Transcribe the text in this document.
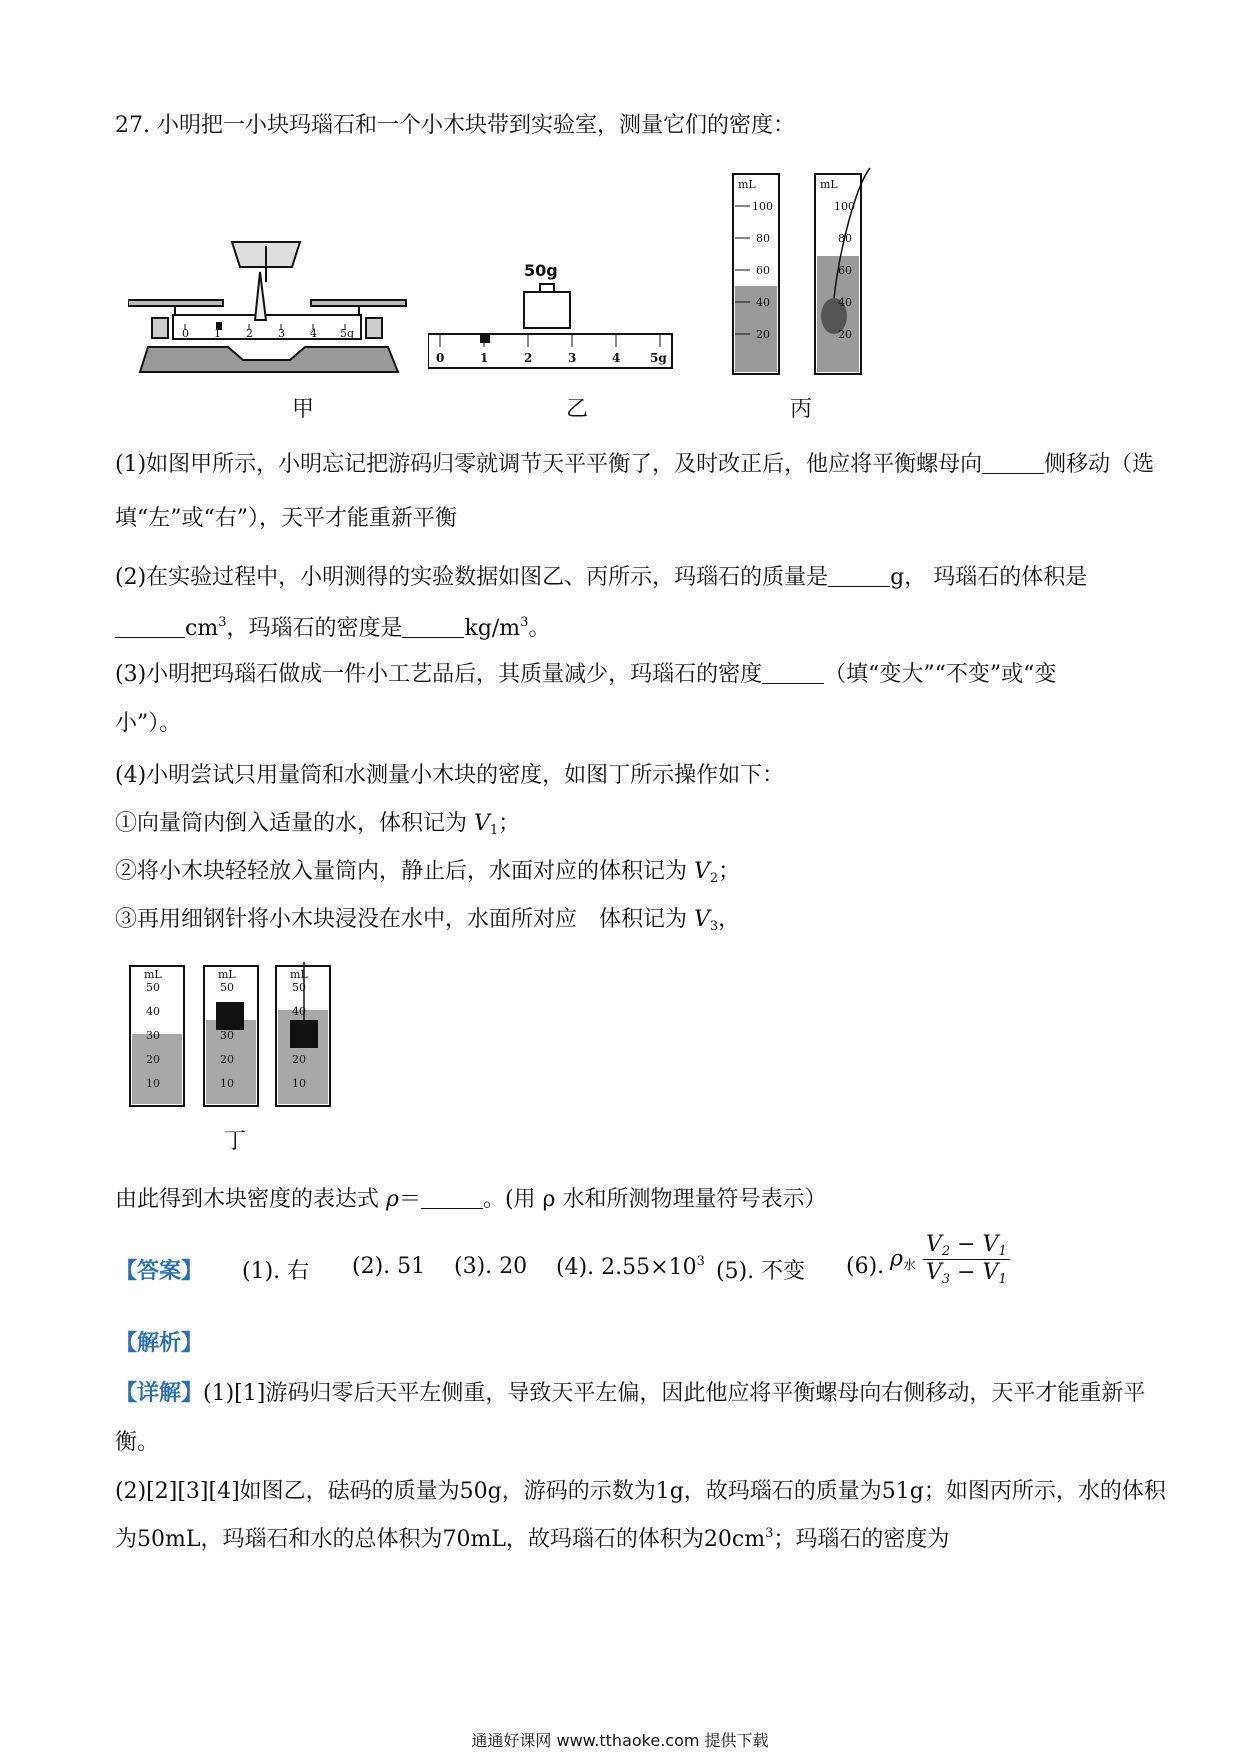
27. 小明把一小块玛瑙石和一个小木块带到实验室，测量它们的密度：
0 1 2 3 4 5g
50g
0	1	2	3	4 5g
mL
100
80
60
40
20
mL
100
80
60
40
20
甲	乙	丙
(1)如图甲所示，小明忘记把游码归零就调节天平平衡了，及时改正后，他应将平衡螺母向	侧移动（选
填“左”或“右”），天平才能重新平衡
(2)在实验过程中，小明测得的实验数据如图乙、丙所示，玛瑙石的质量是	g， 玛瑙石的体积是
$cm^3$，玛瑙石的密度是	$kg/m^3$。
(3)小明把玛瑙石做成一件小工艺品后，其质量减少，玛瑙石的密度	（填“变大”“不变”或“变
小”）。
(4)小明尝试只用量筒和水测量小木块的密度，如图丁所示操作如下：
①向量筒内倒入适量的水，体积记为 $V_1$；
②将小木块轻轻放入量筒内，静止后，水面对应的体积记为 $V_2$；
③再用细钢针将小木块浸没在水中，水面所对应　体积记为 $V_3$，
mL
50
40
30
20
10
mL
50
30
20
10
mL
50
40
20
10
丁
由此得到木块密度的表达式 ρ＝	。(用 ρ 水和所测物理量符号表示）
【答案】 (1). 右 (2). 51 (3). 20 (4). $2.55\times 10^3$ (5). 不变 (6). $\rho_水 \frac{V_2 - V_1}{V_3 - V_1}$
【解析】
【详解】(1)[1]游码归零后天平左侧重，导致天平左偏，因此他应将平衡螺母向右侧移动，天平才能重新平
衡。
(2)[2][3][4]如图乙，砝码的质量为50g，游码的示数为1g，故玛瑙石的质量为51g；如图丙所示，水的体积
为50mL，玛瑙石和水的总体积为70mL，故玛瑙石的体积为$20cm^3$；玛瑙石的密度为
通通好课网 www.tthaoke.com 提供下载
